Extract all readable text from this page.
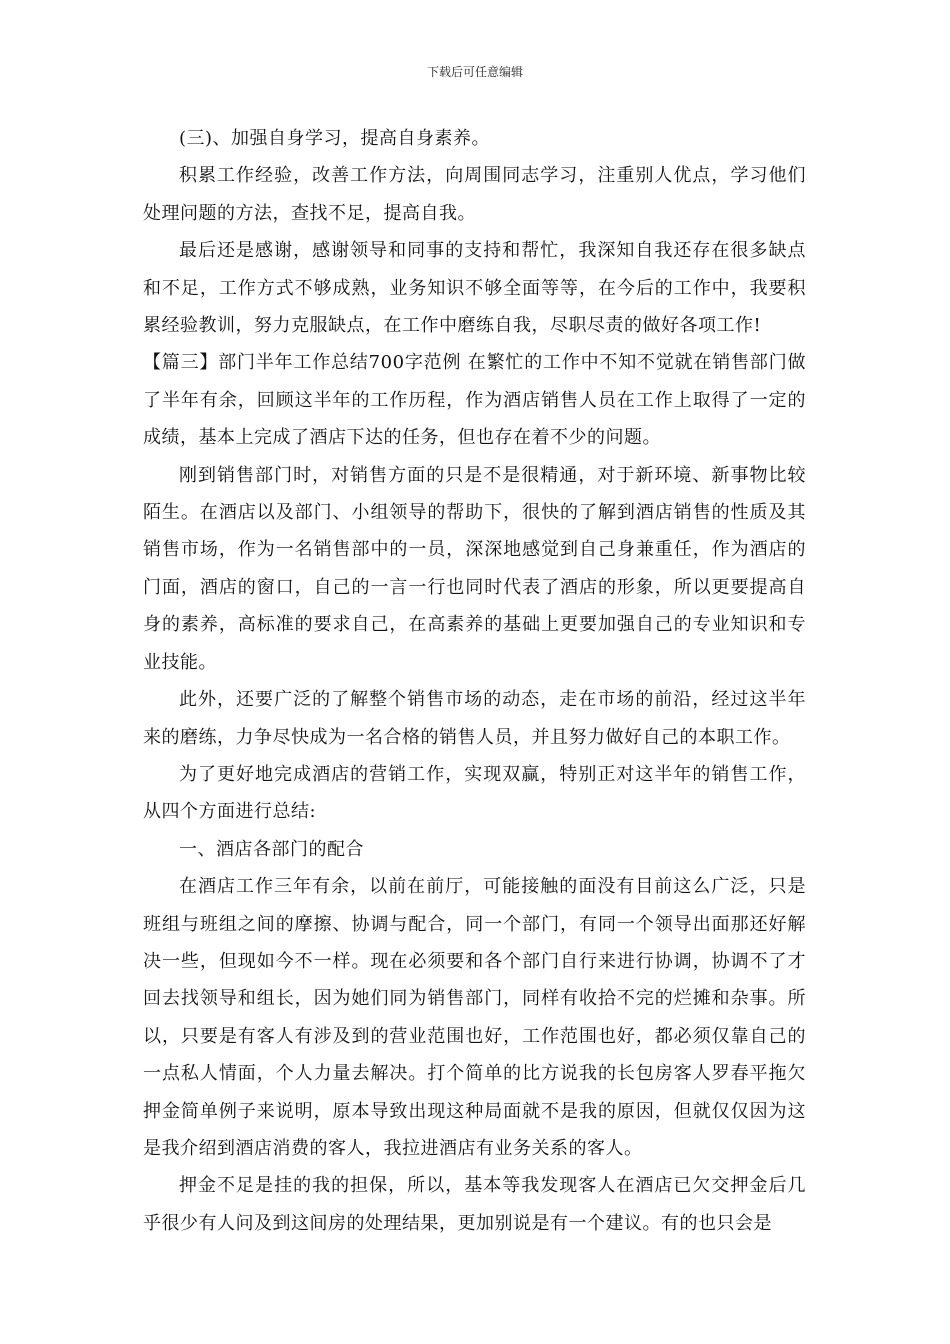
下载后可任意编辑

(三)、加强自身学习，提高自身素养。

积累工作经验，改善工作方法，向周围同志学习，注重别人优点，学习他们处理问题的方法，查找不足，提高自我。

最后还是感谢，感谢领导和同事的支持和帮忙，我深知自我还存在很多缺点和不足，工作方式不够成熟，业务知识不够全面等等，在今后的工作中，我要积累经验教训，努力克服缺点，在工作中磨练自我，尽职尽责的做好各项工作!

【篇三】部门半年工作总结700字范例 在繁忙的工作中不知不觉就在销售部门做了半年有余，回顾这半年的工作历程，作为酒店销售人员在工作上取得了一定的成绩，基本上完成了酒店下达的任务，但也存在着不少的问题。

刚到销售部门时，对销售方面的只是不是很精通，对于新环境、新事物比较陌生。在酒店以及部门、小组领导的帮助下，很快的了解到酒店销售的性质及其销售市场，作为一名销售部中的一员，深深地感觉到自己身兼重任，作为酒店的门面，酒店的窗口，自己的一言一行也同时代表了酒店的形象，所以更要提高自身的素养，高标准的要求自己，在高素养的基础上更要加强自己的专业知识和专业技能。

此外，还要广泛的了解整个销售市场的动态，走在市场的前沿，经过这半年来的磨练，力争尽快成为一名合格的销售人员，并且努力做好自己的本职工作。

为了更好地完成酒店的营销工作，实现双赢，特别正对这半年的销售工作，从四个方面进行总结:

一、酒店各部门的配合

在酒店工作三年有余，以前在前厅，可能接触的面没有目前这么广泛，只是班组与班组之间的摩擦、协调与配合，同一个部门，有同一个领导出面那还好解决一些，但现如今不一样。现在必须要和各个部门自行来进行协调，协调不了才回去找领导和组长，因为她们同为销售部门，同样有收拾不完的烂摊和杂事。所以，只要是有客人有涉及到的营业范围也好，工作范围也好，都必须仅靠自己的一点私人情面，个人力量去解决。打个简单的比方说我的长包房客人罗春平拖欠押金简单例子来说明，原本导致出现这种局面就不是我的原因，但就仅仅因为这是我介绍到酒店消费的客人，我拉进酒店有业务关系的客人。

押金不足是挂的我的担保，所以，基本等我发现客人在酒店已欠交押金后几乎很少有人问及到这间房的处理结果，更加别说是有一个建议。有的也只会是
